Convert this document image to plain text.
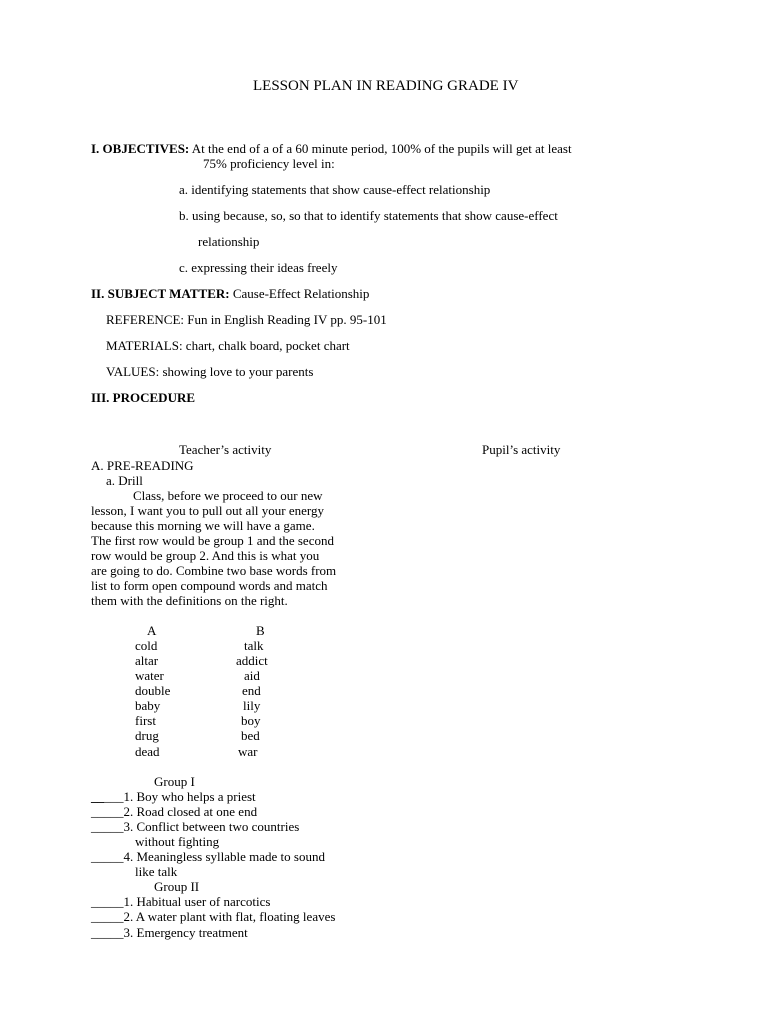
LESSON PLAN IN READING GRADE IV
I. OBJECTIVES: At the end of a of a 60 minute period, 100% of the pupils will get at least
75% proficiency level in:
a. identifying statements that show cause-effect relationship
b. using because, so, so that to identify statements that show cause-effect
relationship
c. expressing their ideas freely
II. SUBJECT MATTER: Cause-Effect Relationship
REFERENCE: Fun in English Reading IV pp. 95-101
MATERIALS: chart, chalk board, pocket chart
VALUES: showing love to your parents
III. PROCEDURE
Teacher’s activity	Pupil’s activity
A. PRE-READING
a. Drill
Class, before we proceed to our new
lesson, I want you to pull out all your energy
because this morning we will have a game.
The first row would be group 1 and the second
row would be group 2. And this is what you
are going to do. Combine two base words from
list to form open compound words and match
them with the definitions on the right.
A	B
cold
altar
water
double
baby
first
drug
dead
talk
addict
aid
end
lily
boy
bed
war
Group I
_____1. Boy who helps a priest
_____2. Road closed at one end
_____3. Conflict between two countries
without fighting
_____4. Meaningless syllable made to sound
like talk
Group II
_____1. Habitual user of narcotics
_____2. A water plant with flat, floating leaves
_____3. Emergency treatment
